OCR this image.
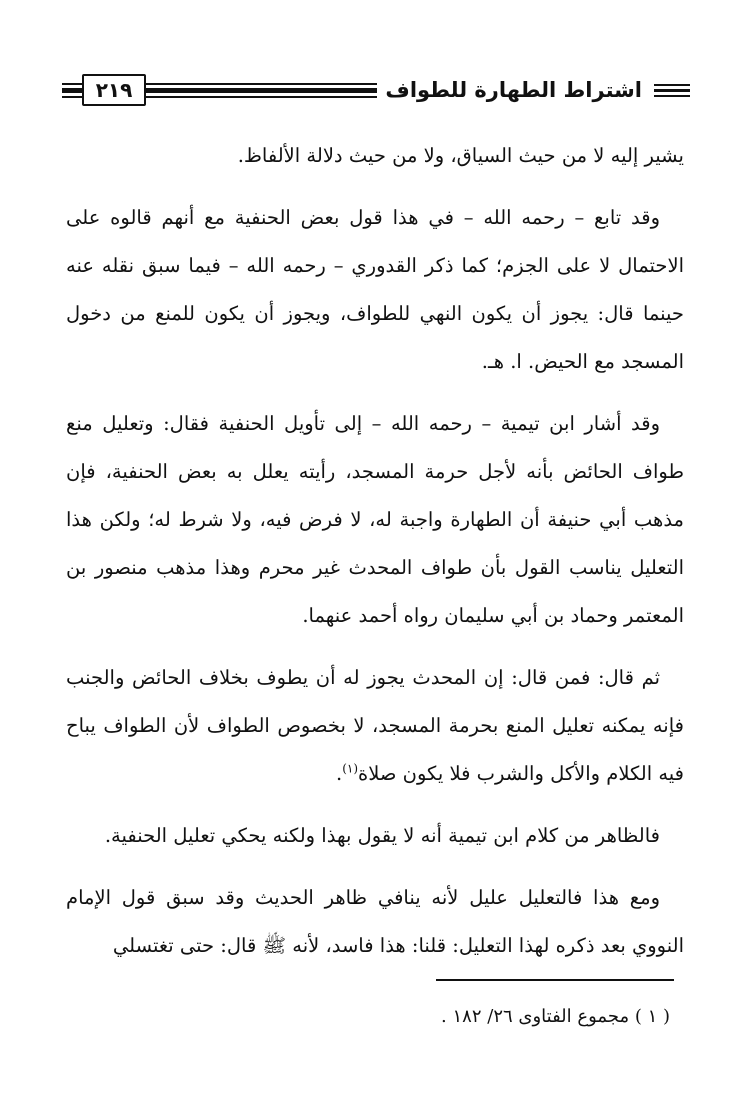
اشتراط الطهارة للطواف
٢١٩

يشير إليه لا من حيث السياق، ولا من حيث دلالة الألفاظ.

وقد تابع – رحمه الله – في هذا قول بعض الحنفية مع أنهم قالوه على الاحتمال لا على الجزم؛ كما ذكر القدوري – رحمه الله – فيما سبق نقله عنه حينما قال: يجوز أن يكون النهي للطواف، ويجوز أن يكون للمنع من دخول المسجد مع الحيض. ا. هـ.

وقد أشار ابن تيمية – رحمه الله – إلى تأويل الحنفية فقال: وتعليل منع طواف الحائض بأنه لأجل حرمة المسجد، رأيته يعلل به بعض الحنفية، فإن مذهب أبي حنيفة أن الطهارة واجبة له، لا فرض فيه، ولا شرط له؛ ولكن هذا التعليل يناسب القول بأن طواف المحدث غير محرم وهذا مذهب منصور بن المعتمر وحماد بن أبي سليمان رواه أحمد عنهما.

ثم قال: فمن قال: إن المحدث يجوز له أن يطوف بخلاف الحائض والجنب فإنه يمكنه تعليل المنع بحرمة المسجد، لا بخصوص الطواف لأن الطواف يباح فيه الكلام والأكل والشرب فلا يكون صلاة$^{(١)}$.

فالظاهر من كلام ابن تيمية أنه لا يقول بهذا ولكنه يحكي تعليل الحنفية.

ومع هذا فالتعليل عليل لأنه ينافي ظاهر الحديث وقد سبق قول الإمام النووي بعد ذكره لهذا التعليل: قلنا: هذا فاسد، لأنه ﷺ قال: حتى تغتسلي

( ١ ) مجموع الفتاوى ٢٦/ ١٨٢ .
